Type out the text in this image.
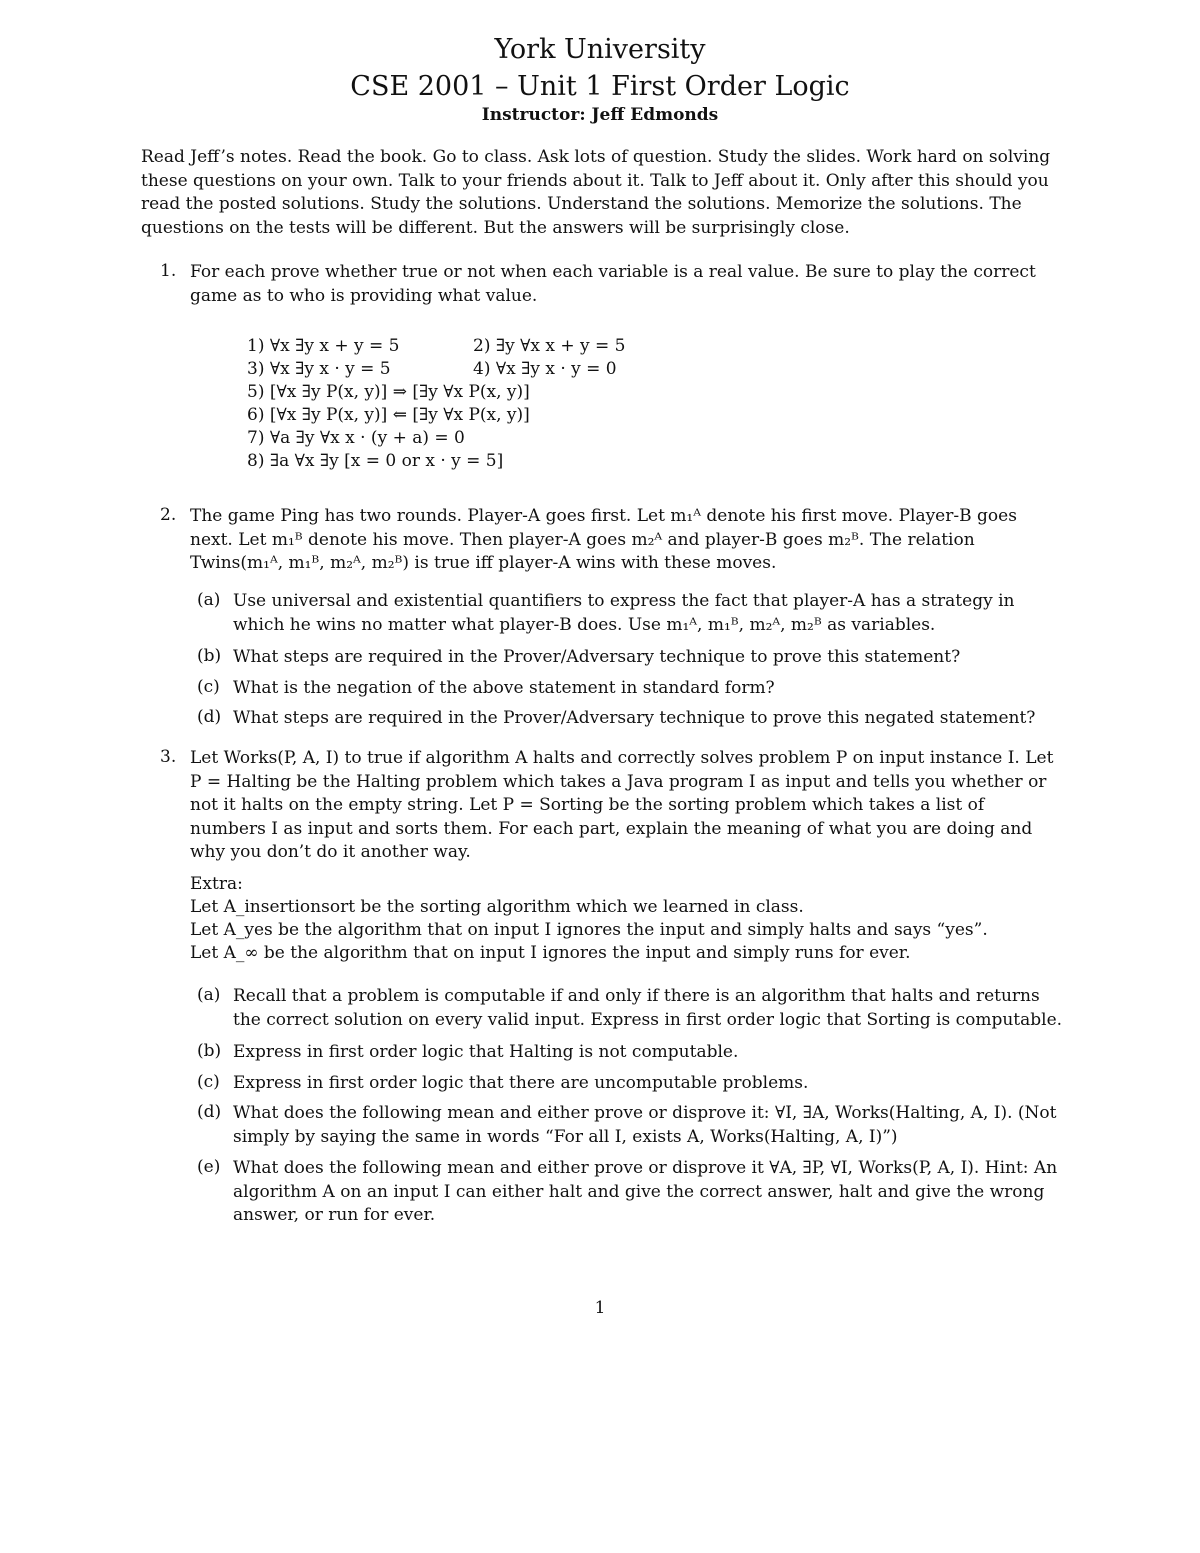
York University
CSE 2001 – Unit 1 First Order Logic
Instructor: Jeff Edmonds
Read Jeff’s notes. Read the book. Go to class. Ask lots of question. Study the slides. Work hard on solving these questions on your own. Talk to your friends about it. Talk to Jeff about it. Only after this should you read the posted solutions. Study the solutions. Understand the solutions. Memorize the solutions. The questions on the tests will be different. But the answers will be surprisingly close.
1. For each prove whether true or not when each variable is a real value. Be sure to play the correct game as to who is providing what value.
1) ∀x ∃y x + y = 5	2) ∃y ∀x x + y = 5
3) ∀x ∃y x · y = 5	4) ∀x ∃y x · y = 0
5) [∀x ∃y P(x, y)] ⇒ [∃y ∀x P(x, y)]
6) [∀x ∃y P(x, y)] ⇐ [∃y ∀x P(x, y)]
7) ∀a ∃y ∀x x · (y + a) = 0
8) ∃a ∀x ∃y [x = 0 or x · y = 5]
2. The game Ping has two rounds. Player-A goes first. Let m₁ᴬ denote his first move. Player-B goes next. Let m₁ᴮ denote his move. Then player-A goes m₂ᴬ and player-B goes m₂ᴮ. The relation Twins(m₁ᴬ, m₁ᴮ, m₂ᴬ, m₂ᴮ) is true iff player-A wins with these moves.
(a) Use universal and existential quantifiers to express the fact that player-A has a strategy in which he wins no matter what player-B does. Use m₁ᴬ, m₁ᴮ, m₂ᴬ, m₂ᴮ as variables.
(b) What steps are required in the Prover/Adversary technique to prove this statement?
(c) What is the negation of the above statement in standard form?
(d) What steps are required in the Prover/Adversary technique to prove this negated statement?
3. Let Works(P, A, I) to true if algorithm A halts and correctly solves problem P on input instance I. Let P = Halting be the Halting problem which takes a Java program I as input and tells you whether or not it halts on the empty string. Let P = Sorting be the sorting problem which takes a list of numbers I as input and sorts them. For each part, explain the meaning of what you are doing and why you don’t do it another way.
Extra:
Let A_insertionsort be the sorting algorithm which we learned in class.
Let A_yes be the algorithm that on input I ignores the input and simply halts and says “yes”.
Let A_∞ be the algorithm that on input I ignores the input and simply runs for ever.
(a) Recall that a problem is computable if and only if there is an algorithm that halts and returns the correct solution on every valid input. Express in first order logic that Sorting is computable.
(b) Express in first order logic that Halting is not computable.
(c) Express in first order logic that there are uncomputable problems.
(d) What does the following mean and either prove or disprove it: ∀I, ∃A, Works(Halting, A, I). (Not simply by saying the same in words “For all I, exists A, Works(Halting, A, I)”)
(e) What does the following mean and either prove or disprove it ∀A, ∃P, ∀I, Works(P, A, I). Hint: An algorithm A on an input I can either halt and give the correct answer, halt and give the wrong answer, or run for ever.
1
